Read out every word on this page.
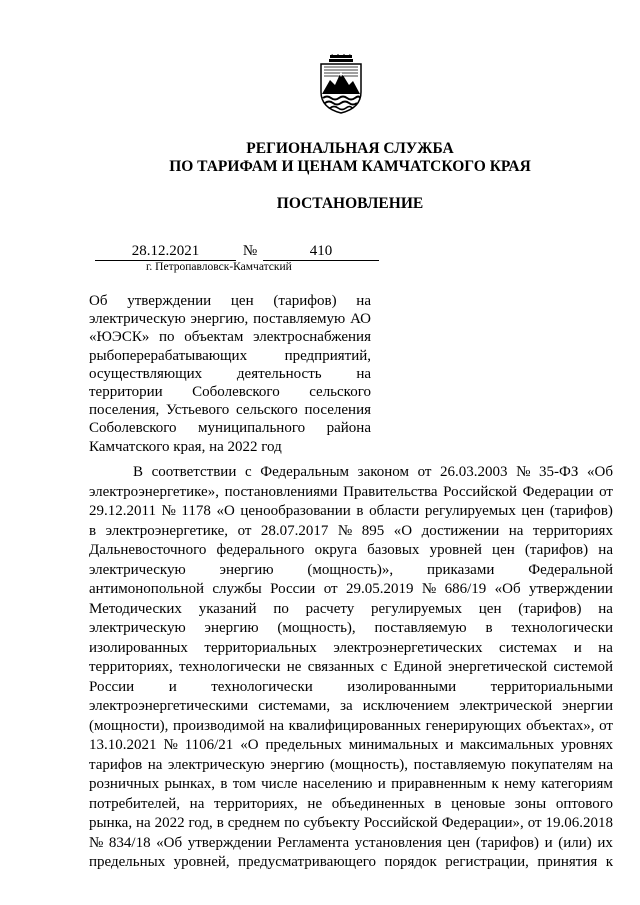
РЕГИОНАЛЬНАЯ СЛУЖБА
ПО ТАРИФАМ И ЦЕНАМ КАМЧАТСКОГО КРАЯ
ПОСТАНОВЛЕНИЕ
28.12.2021	№	410
г. Петропавловск-Камчатский
Об утверждении цен (тарифов) на
электрическую энергию, поставляемую АО
«ЮЭСК» по объектам электроснабжения
рыбоперерабатывающих предприятий,
осуществляющих деятельность на
территории Соболевского сельского
поселения, Устьевого сельского поселения
Соболевского муниципального района
Камчатского края, на 2022 год
В соответствии с Федеральным законом от 26.03.2003 № 35-ФЗ «Об
электроэнергетике», постановлениями Правительства Российской Федерации от
29.12.2011 № 1178 «О ценообразовании в области регулируемых цен (тарифов)
в электроэнергетике, от 28.07.2017 № 895 «О достижении на территориях
Дальневосточного федерального округа базовых уровней цен (тарифов) на
электрическую энергию (мощность)», приказами Федеральной
антимонопольной службы России от 29.05.2019 № 686/19 «Об утверждении
Методических указаний по расчету регулируемых цен (тарифов) на
электрическую энергию (мощность), поставляемую в технологически
изолированных территориальных электроэнергетических системах и на
территориях, технологически не связанных с Единой энергетической системой
России и технологически изолированными территориальными
электроэнергетическими системами, за исключением электрической энергии
(мощности), производимой на квалифицированных генерирующих объектах», от
13.10.2021 № 1106/21 «О предельных минимальных и максимальных уровнях
тарифов на электрическую энергию (мощность), поставляемую покупателям на
розничных рынках, в том числе населению и приравненным к нему категориям
потребителей, на территориях, не объединенных в ценовые зоны оптового
рынка, на 2022 год, в среднем по субъекту Российской Федерации», от 19.06.2018
№ 834/18 «Об утверждении Регламента установления цен (тарифов) и (или) их
предельных уровней, предусматривающего порядок регистрации, принятия к
